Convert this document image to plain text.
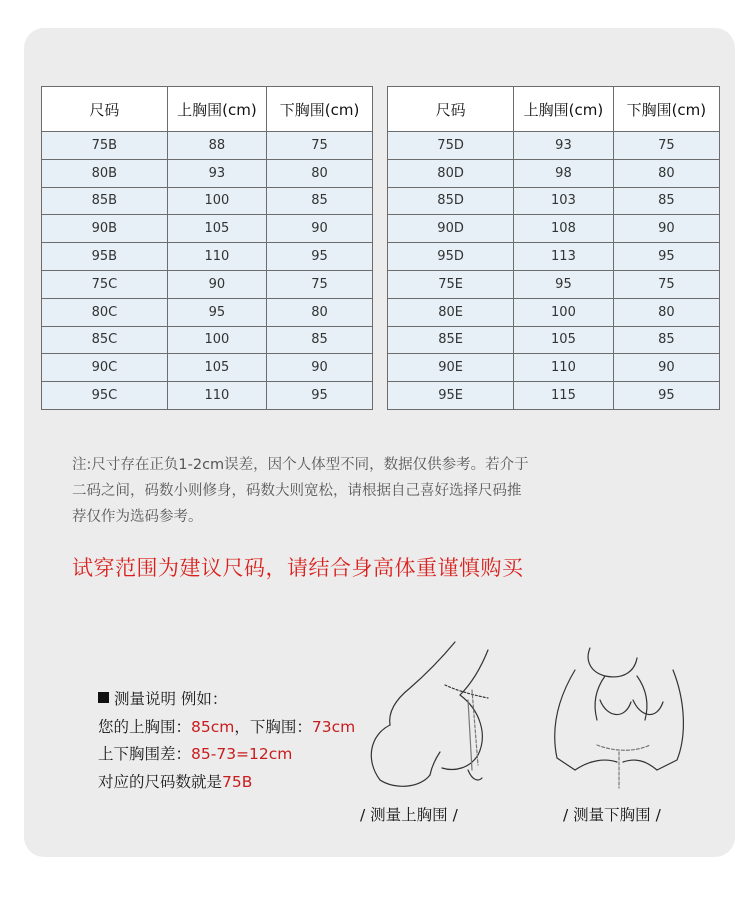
尺码	上胸围(cm)	下胸围(cm)
75B	88	75
80B	93	80
85B	100	85
90B	105	90
95B	110	95
75C	90	75
80C	95	80
85C	100	85
90C	105	90
95C	110	95
尺码	上胸围(cm)	下胸围(cm)
75D	93	75
80D	98	80
85D	103	85
90D	108	90
95D	113	95
75E	95	75
80E	100	80
85E	105	85
90E	110	90
95E	115	95
注:尺寸存在正负1-2cm误差，因个人体型不同，数据仅供参考。若介于
二码之间，码数小则修身，码数大则宽松，请根据自己喜好选择尺码推
荐仅作为选码参考。
试穿范围为建议尺码，请结合身高体重谨慎购买
测量说明 例如：
您的上胸围：85cm，下胸围：73cm
上下胸围差：85-73=12cm
对应的尺码数就是75B
/ 测量上胸围 /	/ 测量下胸围 /
